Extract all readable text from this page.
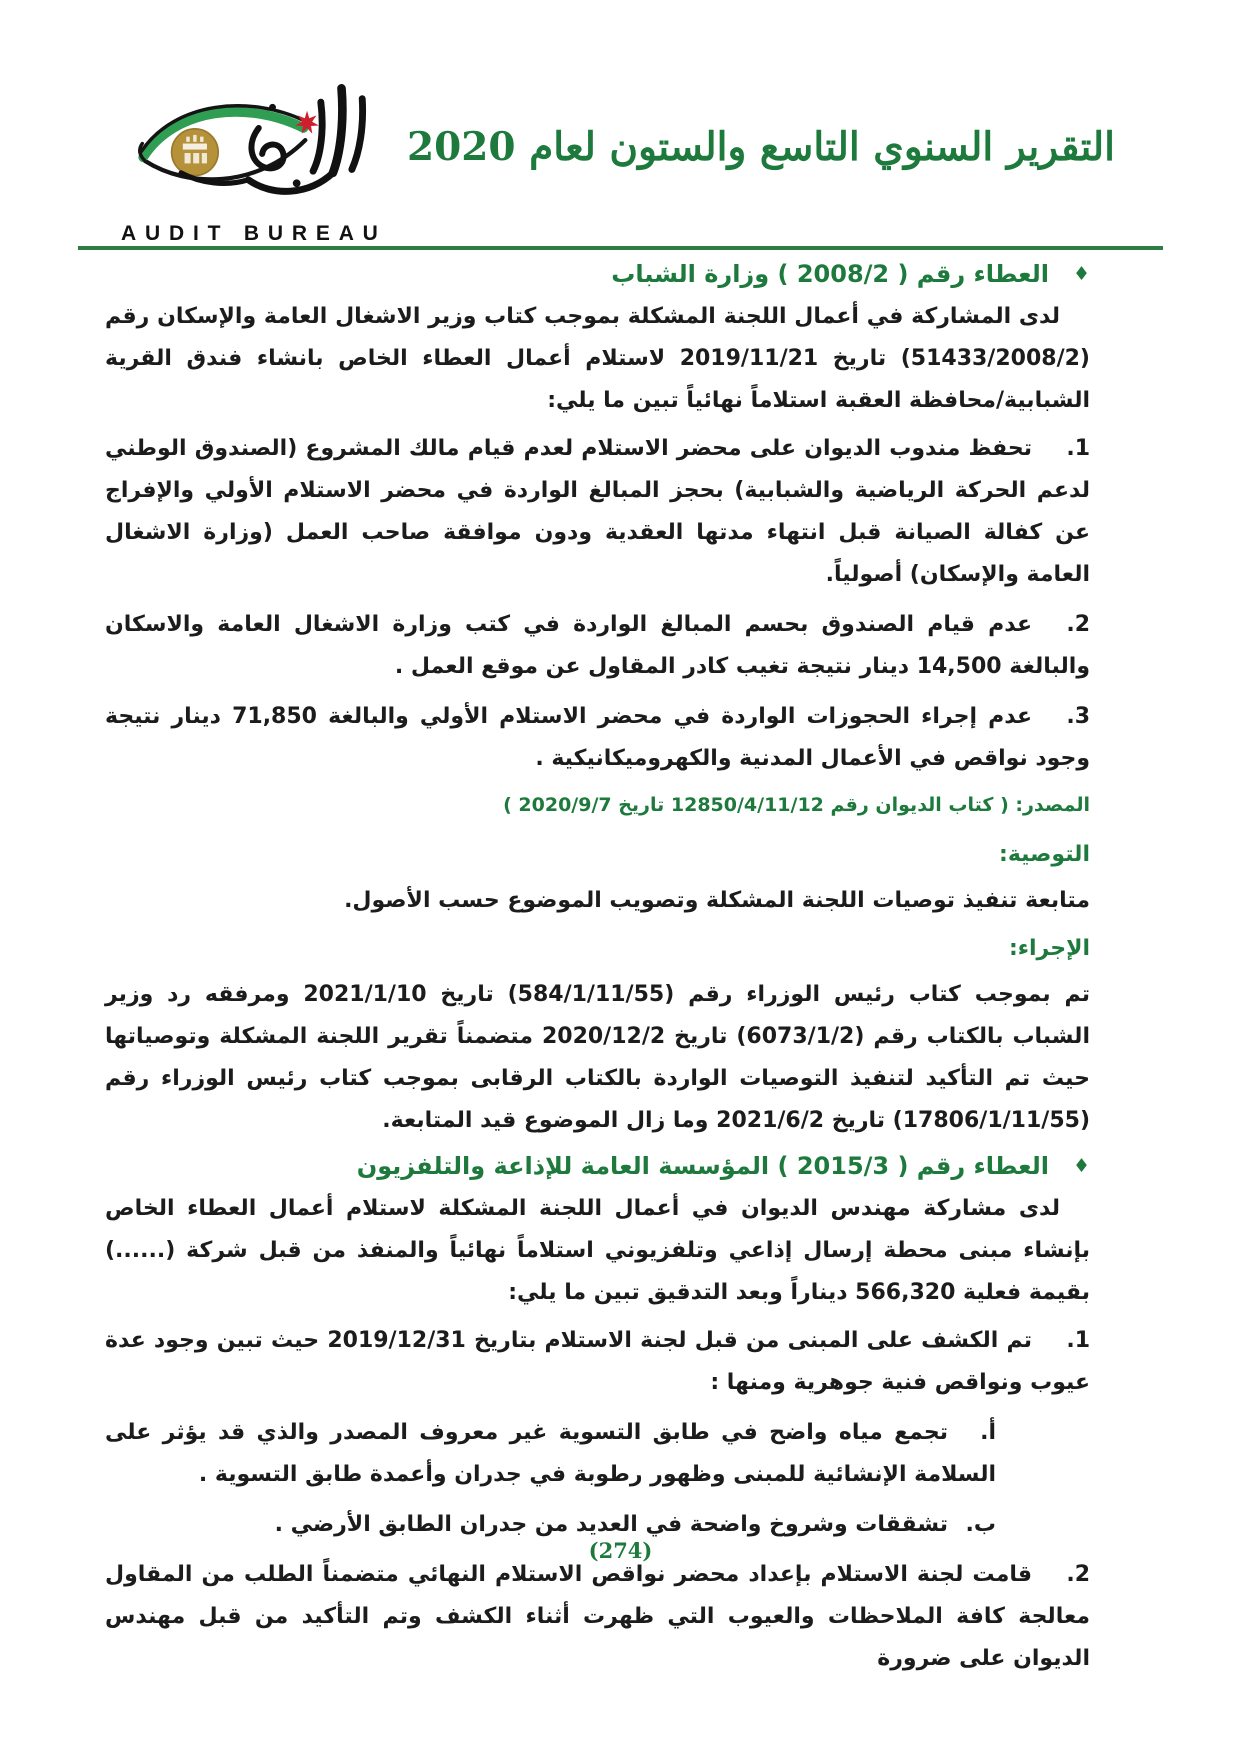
AUDIT BUREAU
التقرير السنوي التاسع والستون لعام 2020
♦
العطاء رقم ( 2008/2 ) وزارة الشباب

لدى المشاركة في أعمال اللجنة المشكلة بموجب كتاب وزير الاشغال العامة والإسكان رقم (51433/2008/2) تاريخ 2019/11/21 لاستلام أعمال العطاء الخاص بانشاء فندق القرية الشبابية/محافظة العقبة استلاماً نهائياً تبين ما يلي:

1.
تحفظ مندوب الديوان على محضر الاستلام لعدم قيام مالك المشروع (الصندوق الوطني لدعم الحركة الرياضية والشبابية) بحجز المبالغ الواردة في محضر الاستلام الأولي والإفراج عن كفالة الصيانة قبل انتهاء مدتها العقدية ودون موافقة صاحب العمل (وزارة الاشغال العامة والإسكان) أصولياً.
2.
عدم قيام الصندوق بحسم المبالغ الواردة في كتب وزارة الاشغال العامة والاسكان والبالغة 14,500 دينار نتيجة تغيب كادر المقاول عن موقع العمل .
3.
عدم إجراء الحجوزات الواردة في محضر الاستلام الأولي والبالغة 71,850 دينار نتيجة وجود نواقص في الأعمال المدنية والكهروميكانيكية .

المصدر: ( كتاب الديوان رقم 12850/4/11/12 تاريخ 2020/9/7 )

التوصية:

متابعة تنفيذ توصيات اللجنة المشكلة وتصويب الموضوع حسب الأصول.

الإجراء:

تم بموجب كتاب رئيس الوزراء رقم (584/1/11/55) تاريخ 2021/1/10 ومرفقه رد وزير الشباب بالكتاب رقم (6073/1/2) تاريخ 2020/12/2 متضمناً تقرير اللجنة المشكلة وتوصياتها حيث تم التأكيد لتنفيذ التوصيات الواردة بالكتاب الرقابى بموجب كتاب رئيس الوزراء رقم (17806/1/11/55) تاريخ 2021/6/2 وما زال الموضوع قيد المتابعة.

♦
العطاء رقم ( 2015/3 ) المؤسسة العامة للإذاعة والتلفزيون

لدى مشاركة مهندس الديوان في أعمال اللجنة المشكلة لاستلام أعمال العطاء الخاص بإنشاء مبنى محطة إرسال إذاعي وتلفزيوني استلاماً نهائياً والمنفذ من قبل شركة (......) بقيمة فعلية 566,320 ديناراً وبعد التدقيق تبين ما يلي:

1.
تم الكشف على المبنى من قبل لجنة الاستلام بتاريخ 2019/12/31 حيث تبين وجود عدة عيوب ونواقص فنية جوهرية ومنها :
أ.
تجمع مياه واضح في طابق التسوية غير معروف المصدر والذي قد يؤثر على السلامة الإنشائية للمبنى وظهور رطوبة في جدران وأعمدة طابق التسوية .
ب.
تشققات وشروخ واضحة في العديد من جدران الطابق الأرضي .
2.
قامت لجنة الاستلام بإعداد محضر نواقص الاستلام النهائي متضمناً الطلب من المقاول معالجة كافة الملاحظات والعيوب التي ظهرت أثناء الكشف وتم التأكيد من قبل مهندس الديوان على ضرورة
(274)
